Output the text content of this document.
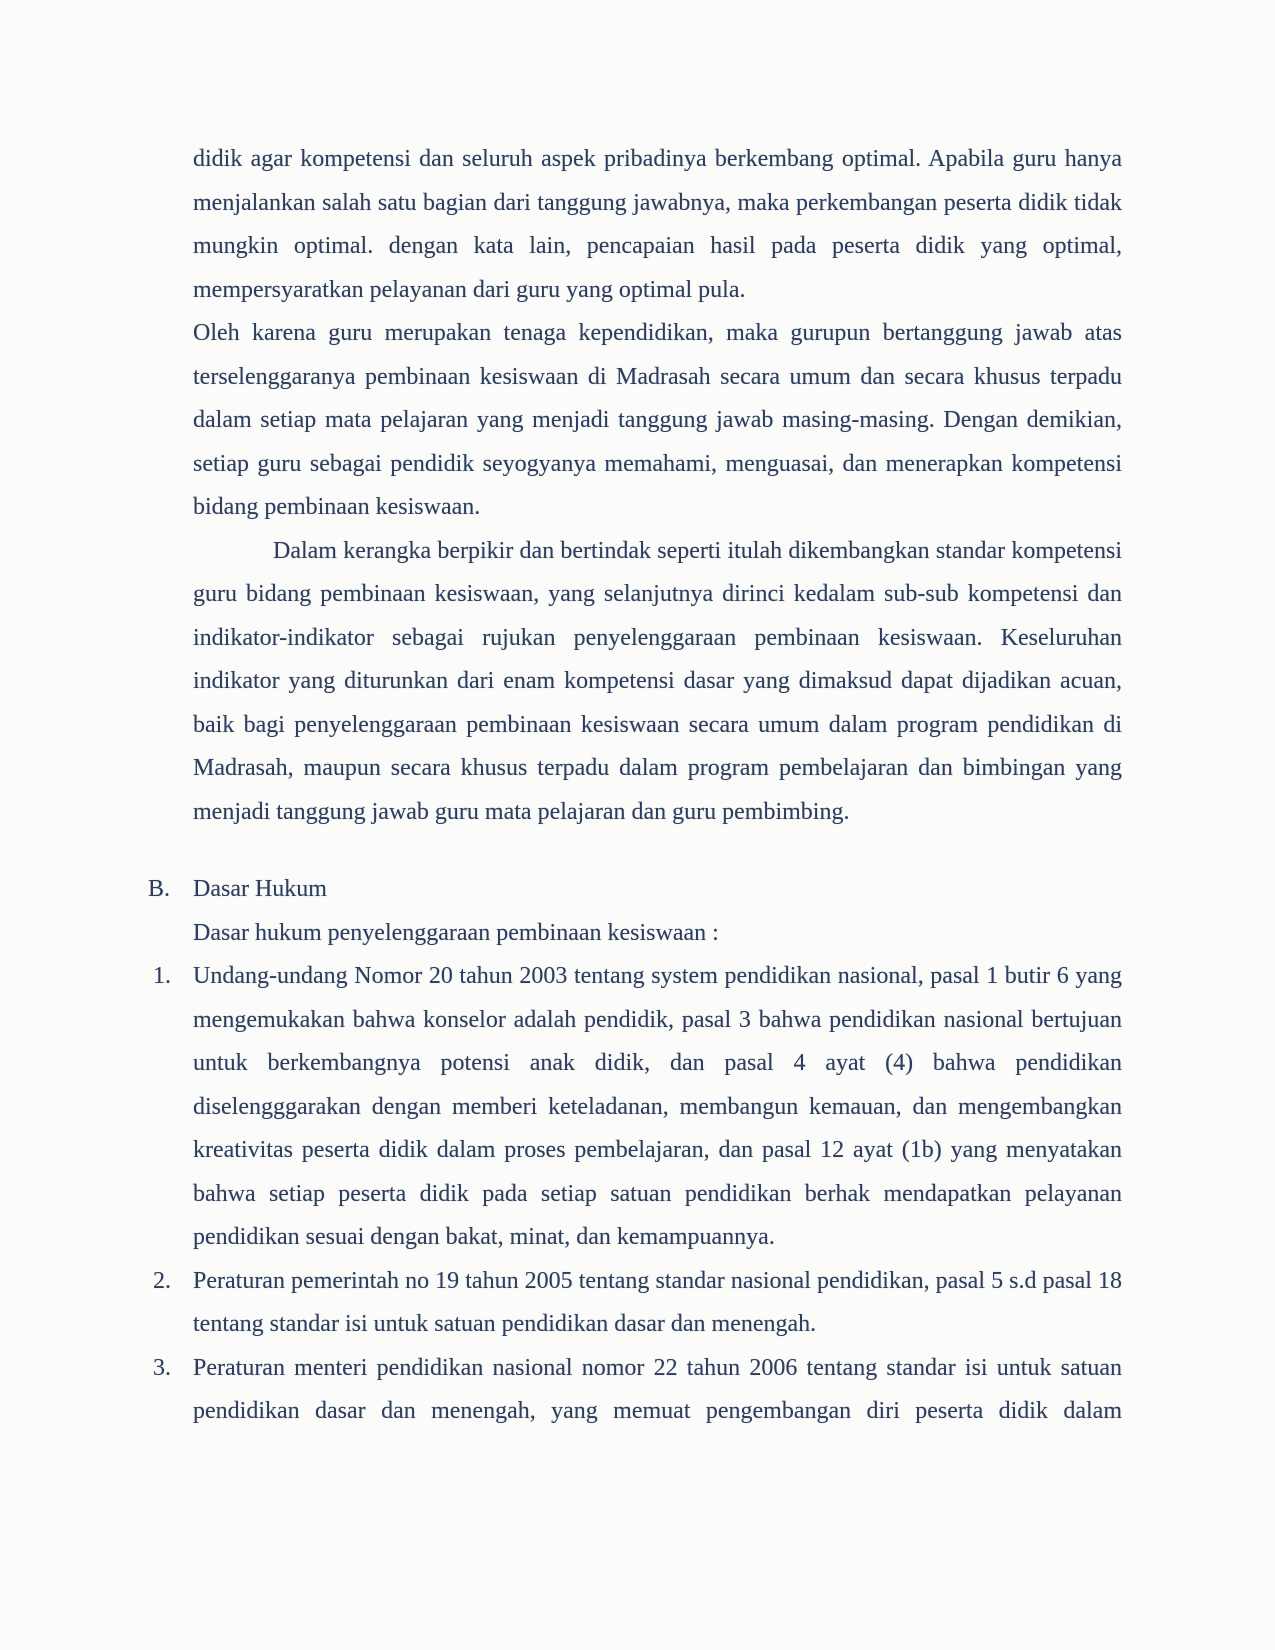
didik agar kompetensi dan seluruh aspek pribadinya berkembang optimal. Apabila guru hanya menjalankan salah satu bagian dari tanggung jawabnya, maka perkembangan peserta didik tidak mungkin optimal. dengan kata lain, pencapaian hasil pada peserta didik yang optimal, mempersyaratkan pelayanan dari guru yang optimal pula.

Oleh karena guru merupakan tenaga kependidikan, maka gurupun bertanggung jawab atas terselenggaranya pembinaan kesiswaan di Madrasah secara umum dan secara khusus terpadu dalam setiap mata pelajaran yang menjadi tanggung jawab masing-masing. Dengan demikian, setiap guru sebagai pendidik seyogyanya memahami, menguasai, dan menerapkan kompetensi bidang pembinaan kesiswaan.

Dalam kerangka berpikir dan bertindak seperti itulah dikembangkan standar kompetensi guru bidang pembinaan kesiswaan, yang selanjutnya dirinci kedalam sub-sub kompetensi dan indikator-indikator sebagai rujukan penyelenggaraan pembinaan kesiswaan. Keseluruhan indikator yang diturunkan dari enam kompetensi dasar yang dimaksud dapat dijadikan acuan, baik bagi penyelenggaraan pembinaan kesiswaan secara umum dalam program pendidikan di Madrasah, maupun secara khusus terpadu dalam program pembelajaran dan bimbingan yang menjadi tanggung jawab guru mata pelajaran dan guru pembimbing.

B. Dasar Hukum

Dasar hukum penyelenggaraan pembinaan kesiswaan :

1. Undang-undang Nomor 20 tahun 2003 tentang system pendidikan nasional, pasal 1 butir 6 yang mengemukakan bahwa konselor adalah pendidik, pasal 3 bahwa pendidikan nasional bertujuan untuk berkembangnya potensi anak didik, dan pasal 4 ayat (4) bahwa pendidikan diselengggarakan dengan memberi keteladanan, membangun kemauan, dan mengembangkan kreativitas peserta didik dalam proses pembelajaran, dan pasal 12 ayat (1b) yang menyatakan bahwa setiap peserta didik pada setiap satuan pendidikan berhak mendapatkan pelayanan pendidikan sesuai dengan bakat, minat, dan kemampuannya.
2. Peraturan pemerintah no 19 tahun 2005 tentang standar nasional pendidikan, pasal 5 s.d pasal 18 tentang standar isi untuk satuan pendidikan dasar dan menengah.
3. Peraturan menteri pendidikan nasional nomor 22 tahun 2006 tentang standar isi untuk satuan pendidikan dasar dan menengah, yang memuat pengembangan diri peserta didik dalam
